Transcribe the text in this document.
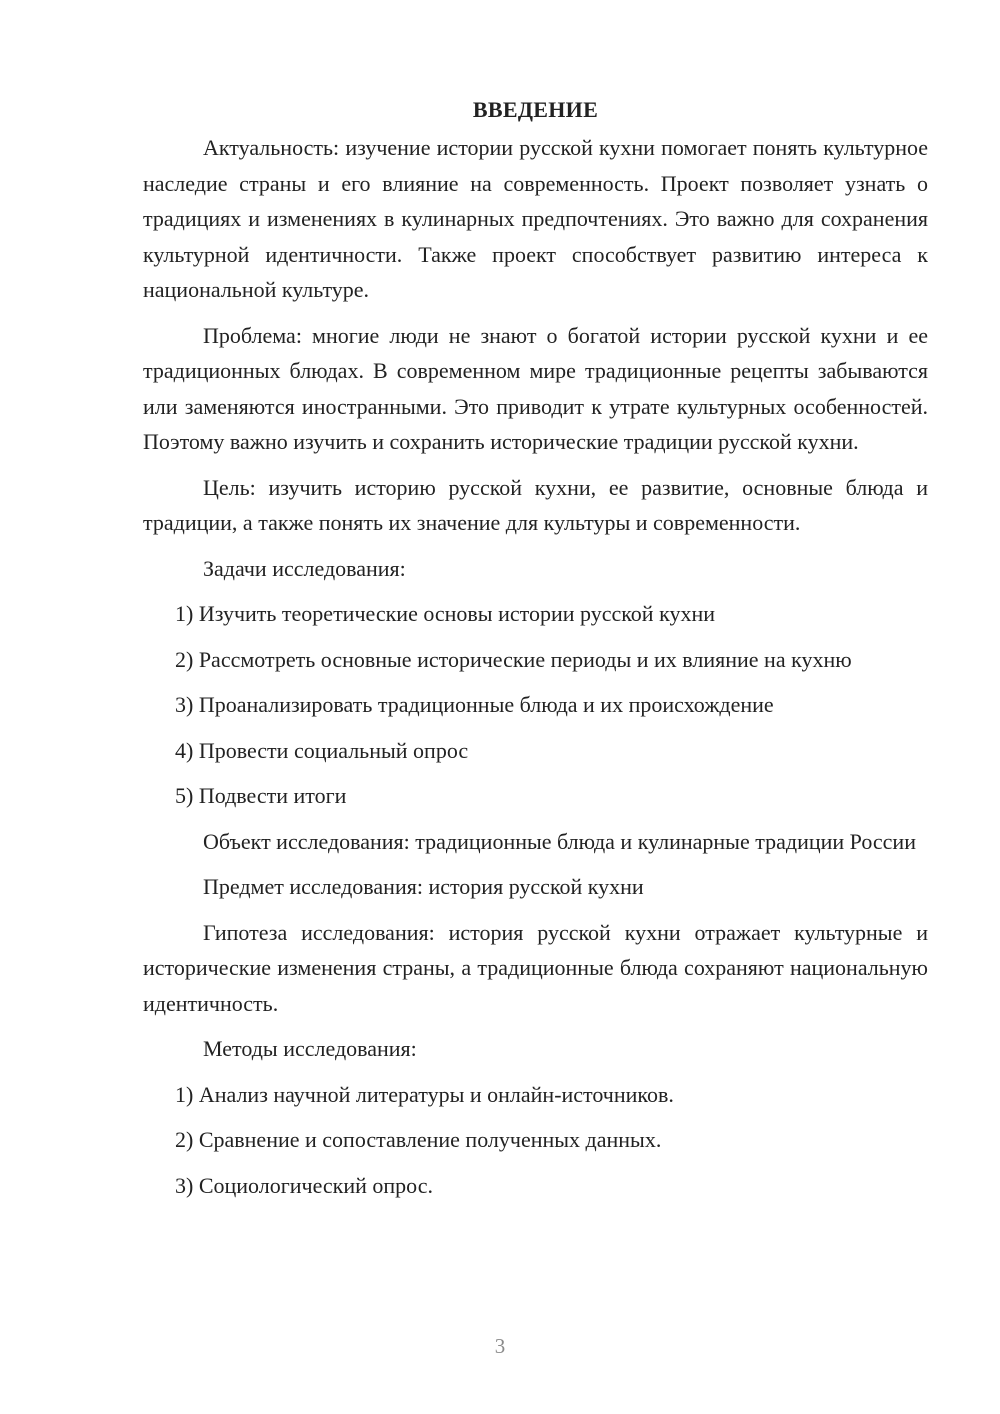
ВВЕДЕНИЕ

Актуальность: изучение истории русской кухни помогает понять культурное наследие страны и его влияние на современность. Проект позволяет узнать о традициях и изменениях в кулинарных предпочтениях. Это важно для сохранения культурной идентичности. Также проект способствует развитию интереса к национальной культуре.

Проблема: многие люди не знают о богатой истории русской кухни и ее традиционных блюдах. В современном мире традиционные рецепты забываются или заменяются иностранными. Это приводит к утрате культурных особенностей. Поэтому важно изучить и сохранить исторические традиции русской кухни.

Цель: изучить историю русской кухни, ее развитие, основные блюда и традиции, а также понять их значение для культуры и современности.

Задачи исследования:

1) Изучить теоретические основы истории русской кухни

2) Рассмотреть основные исторические периоды и их влияние на кухню

3) Проанализировать традиционные блюда и их происхождение

4) Провести социальный опрос

5) Подвести итоги

Объект исследования: традиционные блюда и кулинарные традиции России

Предмет исследования: история русской кухни

Гипотеза исследования: история русской кухни отражает культурные и исторические изменения страны, а традиционные блюда сохраняют национальную идентичность.

Методы исследования:

1) Анализ научной литературы и онлайн-источников.

2) Сравнение и сопоставление полученных данных.

3) Социологический опрос.

3
